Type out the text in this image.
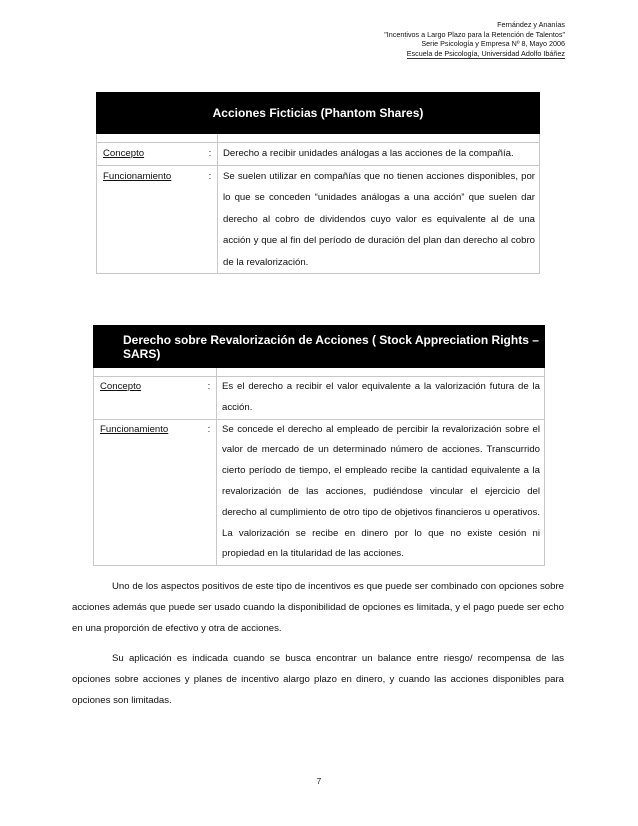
Fernández y Ananías
"Incentivos a Largo Plazo para la Retención de Talentos"
Serie Psicología y Empresa Nº 8, Mayo 2006
Escuela de Psicología, Universidad Adolfo Ibáñez
Acciones Ficticias (Phantom Shares)

Concepto	:	Derecho a recibir unidades análogas a las acciones de la compañía.
Funcionamiento	:	Se suelen utilizar en compañías que no tienen acciones disponibles, por lo que se conceden “unidades análogas a una acción” que suelen dar derecho al cobro de dividendos cuyo valor es equivalente al de una acción y que al fin del período de duración del plan dan derecho al cobro de la revalorización.
Derecho sobre Revalorización de Acciones ( Stock Appreciation Rights – SARS)

Concepto	:	Es el derecho a recibir el valor equivalente a la valorización futura de la acción.
Funcionamiento	:	Se concede el derecho al empleado de percibir la revalorización sobre el valor de mercado de un determinado número de acciones. Transcurrido cierto período de tiempo, el empleado recibe la cantidad equivalente a la revalorización de las acciones, pudiéndose vincular el ejercicio del derecho al cumplimiento de otro tipo de objetivos financieros u operativos. La valorización se recibe en dinero por lo que no existe cesión ni propiedad en la titularidad de las acciones.
Uno de los aspectos positivos de este tipo de incentivos es que puede ser combinado con opciones sobre acciones además que puede ser usado cuando la disponibilidad de opciones es limitada, y el pago puede ser echo en una proporción de efectivo y otra de acciones.
Su aplicación es indicada cuando se busca encontrar un balance entre riesgo/ recompensa de las opciones sobre acciones y planes de incentivo alargo plazo en dinero, y cuando las acciones disponibles para opciones son limitadas.
7
